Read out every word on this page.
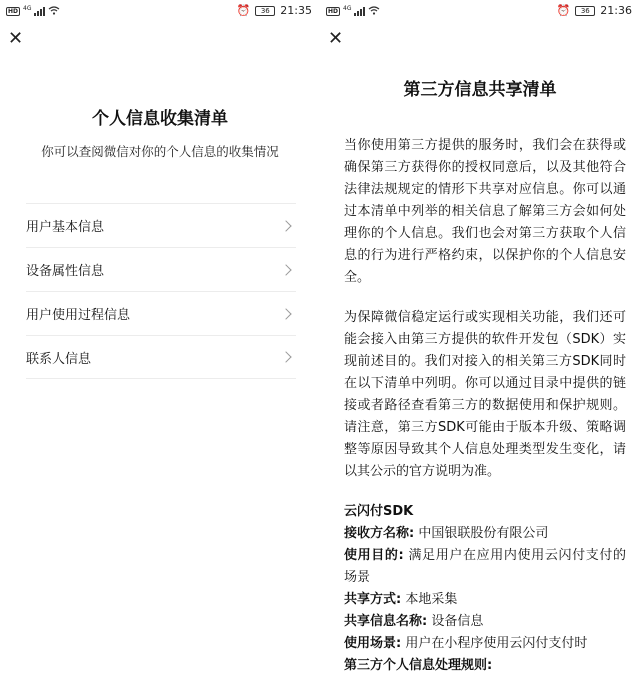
HD 4G	⏰	36 21:35
✕
个人信息收集清单
你可以查阅微信对你的个人信息的收集情况
用户基本信息
设备属性信息
用户使用过程信息
联系人信息
HD 4G	⏰	36 21:36
✕
第三方信息共享清单

当你使用第三方提供的服务时，我们会在获得或确保第三方获得你的授权同意后，以及其他符合法律法规规定的情形下共享对应信息。你可以通过本清单中列举的相关信息了解第三方会如何处理你的个人信息。我们也会对第三方获取个人信息的行为进行严格约束，以保护你的个人信息安全。

为保障微信稳定运行或实现相关功能，我们还可能会接入由第三方提供的软件开发包（SDK）实现前述目的。我们对接入的相关第三方SDK同时在以下清单中列明。你可以通过目录中提供的链接或者路径查看第三方的数据使用和保护规则。请注意，第三方SDK可能由于版本升级、策略调整等原因导致其个人信息处理类型发生变化，请以其公示的官方说明为准。

云闪付SDK
接收方名称: 中国银联股份有限公司
使用目的: 满足用户在应用内使用云闪付支付的场景
共享方式: 本地采集
共享信息名称: 设备信息
使用场景: 用户在小程序使用云闪付支付时
第三方个人信息处理规则:
